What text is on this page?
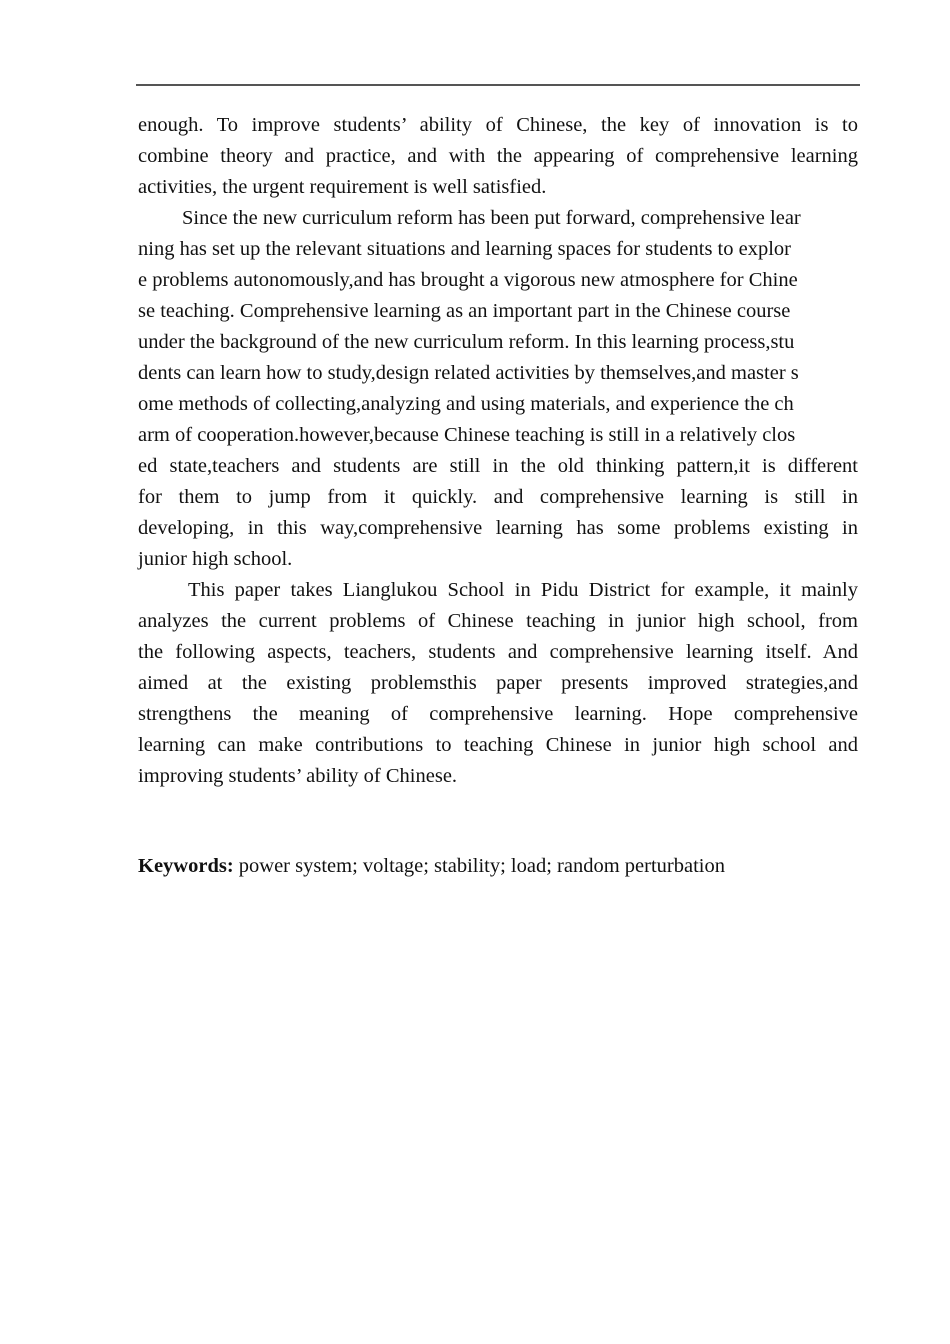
enough. To improve students’ ability of Chinese, the key of innovation is to
combine theory and practice, and with the appearing of comprehensive learning
activities, the urgent requirement is well satisfied.
Since the new curriculum reform has been put forward, comprehensive lear
ning has set up the relevant situations and learning spaces for students to explor
e problems autonomously,and has brought a vigorous new atmosphere for Chine
se teaching. Comprehensive learning as an important part in the Chinese course
under the background of the new curriculum reform. In this learning process,stu
dents can learn how to study,design related activities by themselves,and master s
ome methods of collecting,analyzing and using materials, and experience the ch
arm of cooperation.however,because Chinese teaching is still in a relatively clos
ed state,teachers and students are still in the old thinking pattern,it is different
for them to jump from it quickly. and comprehensive learning is still in
developing, in this way,comprehensive learning has some problems existing in
junior high school.
This paper takes Lianglukou School in Pidu District for example, it mainly
analyzes the current problems of Chinese teaching in junior high school, from
the following aspects, teachers, students and comprehensive learning itself. And
aimed at the existing problemsthis paper presents improved strategies,and
strengthens the meaning of comprehensive learning. Hope comprehensive
learning can make contributions to teaching Chinese in junior high school and
improving students’ ability of Chinese.
Keywords: power system; voltage; stability; load; random perturbation
